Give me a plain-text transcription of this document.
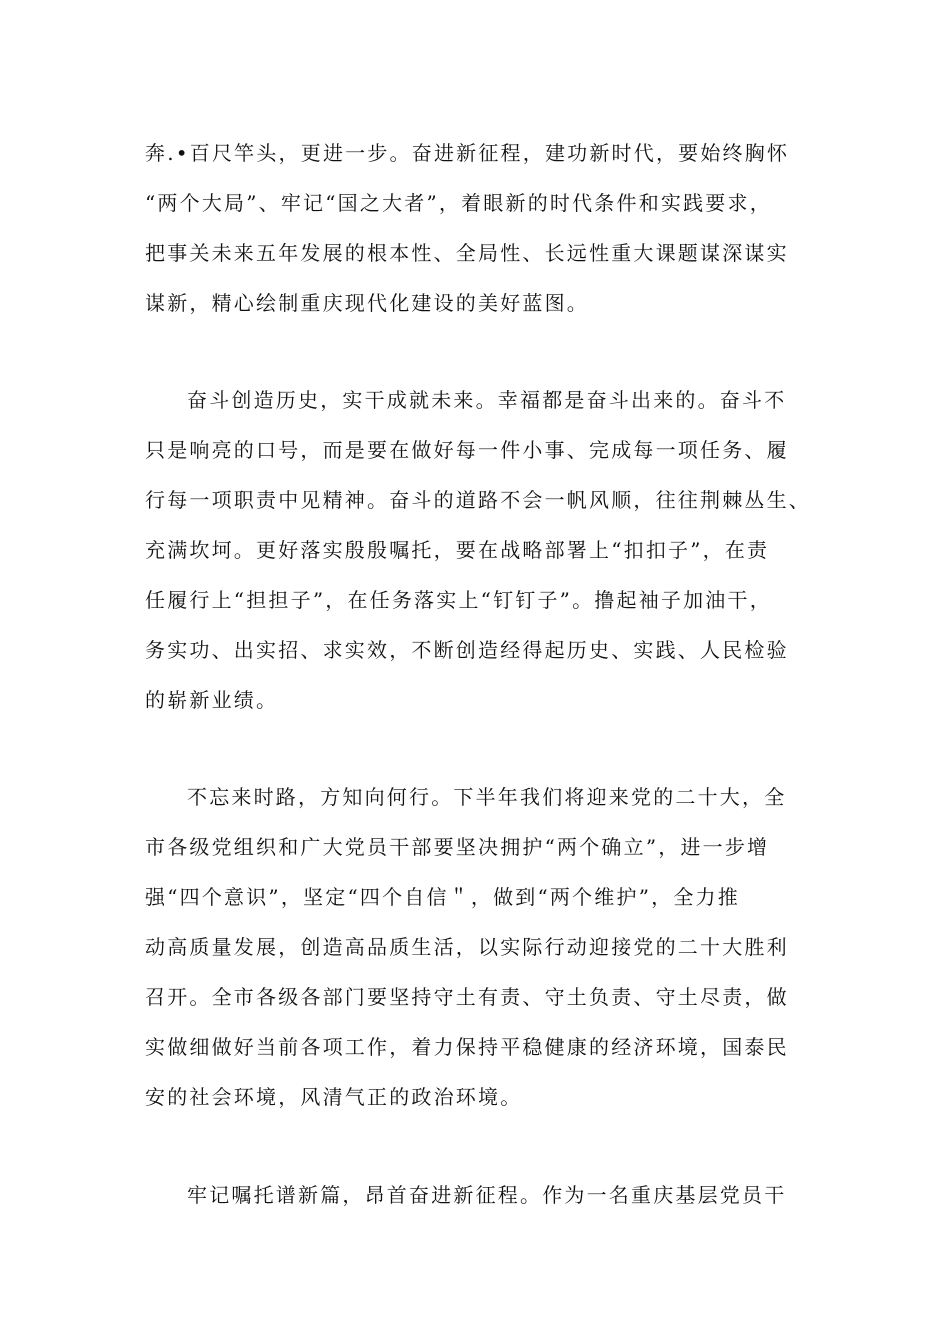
奔.•百尺竿头，更进一步。奋进新征程，建功新时代，要始终胸怀
“两个大局”、牢记“国之大者”，着眼新的时代条件和实践要求，
把事关未来五年发展的根本性、全局性、长远性重大课题谋深谋实
谋新，精心绘制重庆现代化建设的美好蓝图。
奋斗创造历史，实干成就未来。幸福都是奋斗出来的。奋斗不
只是响亮的口号，而是要在做好每一件小事、完成每一项任务、履
行每一项职责中见精神。奋斗的道路不会一帆风顺，往往荆棘丛生、
充满坎坷。更好落实殷殷嘱托，要在战略部署上“扣扣子”，在责
任履行上“担担子”，在任务落实上“钉钉子”。撸起袖子加油干，
务实功、出实招、求实效，不断创造经得起历史、实践、人民检验
的崭新业绩。
不忘来时路，方知向何行。下半年我们将迎来党的二十大，全
市各级党组织和广大党员干部要坚决拥护“两个确立”，进一步增
强“四个意识”，坚定“四个自信＂，做到“两个维护”，全力推
动高质量发展，创造高品质生活，以实际行动迎接党的二十大胜利
召开。全市各级各部门要坚持守土有责、守土负责、守土尽责，做
实做细做好当前各项工作，着力保持平稳健康的经济环境，国泰民
安的社会环境，风清气正的政治环境。
牢记嘱托谱新篇，昂首奋进新征程。作为一名重庆基层党员干
